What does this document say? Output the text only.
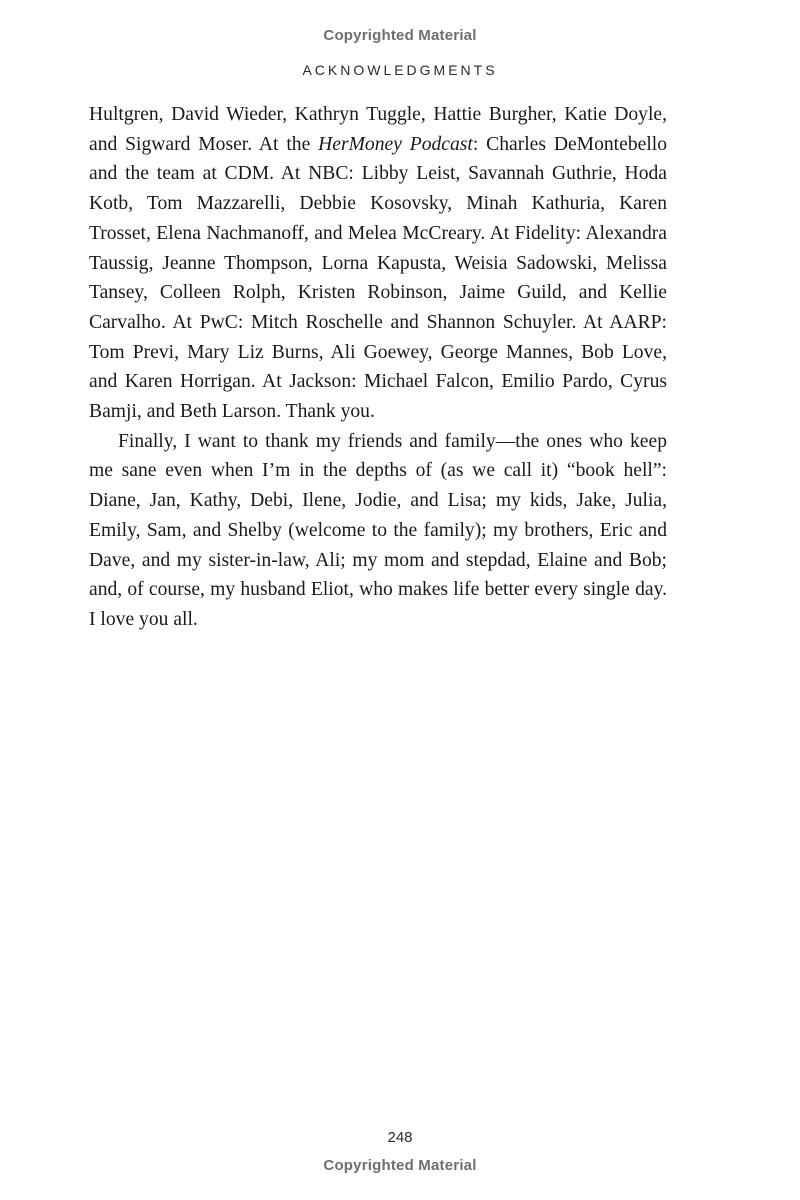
Copyrighted Material
ACKNOWLEDGMENTS

Hultgren, David Wieder, Kathryn Tuggle, Hattie Burgher, Katie Doyle, and Sigward Moser. At the HerMoney Podcast: Charles DeMontebello and the team at CDM. At NBC: Libby Leist, Savannah Guthrie, Hoda Kotb, Tom Mazzarelli, Debbie Kosovsky, Minah Kathuria, Karen Trosset, Elena Nachmanoff, and Melea McCreary. At Fidelity: Alexandra Taussig, Jeanne Thompson, Lorna Kapusta, Weisia Sadowski, Melissa Tansey, Colleen Rolph, Kristen Robinson, Jaime Guild, and Kellie Carvalho. At PwC: Mitch Roschelle and Shannon Schuyler. At AARP: Tom Previ, Mary Liz Burns, Ali Goewey, George Mannes, Bob Love, and Karen Horrigan. At Jackson: Michael Falcon, Emilio Pardo, Cyrus Bamji, and Beth Larson. Thank you.

Finally, I want to thank my friends and family—the ones who keep me sane even when I’m in the depths of (as we call it) “book hell”: Diane, Jan, Kathy, Debi, Ilene, Jodie, and Lisa; my kids, Jake, Julia, Emily, Sam, and Shelby (welcome to the family); my brothers, Eric and Dave, and my sister-in-law, Ali; my mom and stepdad, Elaine and Bob; and, of course, my husband Eliot, who makes life better every single day. I love you all.

248
Copyrighted Material
